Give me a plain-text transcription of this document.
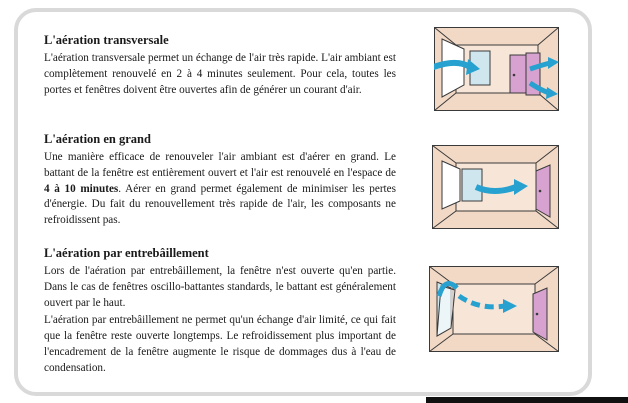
L'aération transversale

L'aération transversale permet un échange de l'air très rapide. L'air ambiant est complètement renouvelé en 2 à 4 minutes seulement. Pour cela, toutes les portes et fenêtres doivent être ouvertes afin de générer un courant d'air.

L'aération en grand

Une manière efficace de renouveler l'air ambiant est d'aérer en grand. Le battant de la fenêtre est entièrement ouvert et l'air est renouvelé en l'espace de 4 à 10 minutes. Aérer en grand permet également de minimiser les pertes d'énergie. Du fait du renouvellement très rapide de l'air, les composants ne refroidissent pas.

L'aération par entrebâillement

Lors de l'aération par entrebâillement, la fenêtre n'est ouverte qu'en partie. Dans le cas de fenêtres oscillo-battantes standards, le battant est généralement ouvert par le haut.

L'aération par entrebâillement ne permet qu'un échange d'air limité, ce qui fait que la fenêtre reste ouverte longtemps. Le refroidissement plus important de l'encadrement de la fenêtre augmente le risque de dommages dus à l'eau de condensation.
